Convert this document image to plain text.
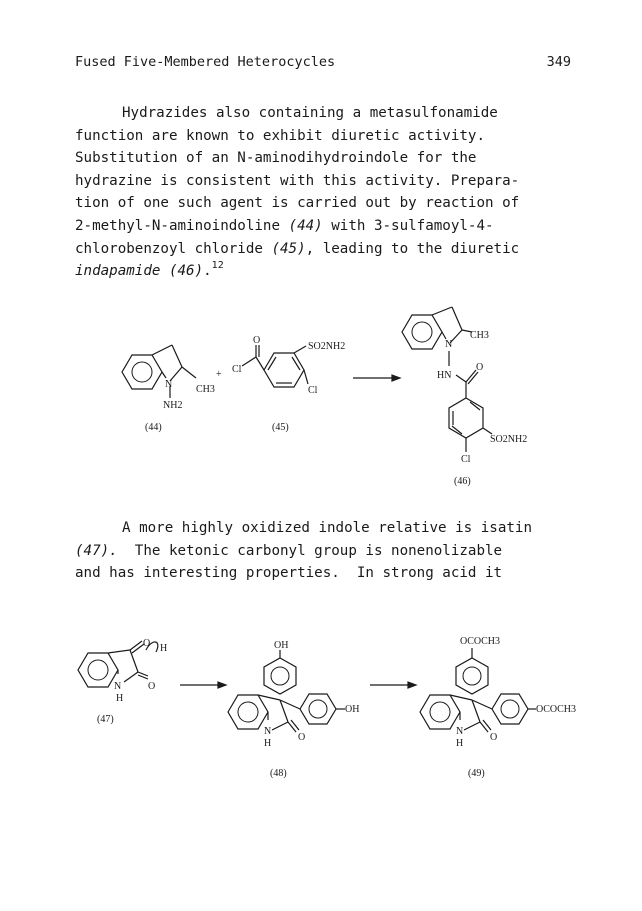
Fused Five-Membered Heterocycles	349
Hydrazides also containing a metasulfonamide
function are known to exhibit diuretic activity.
Substitution of an N-aminodihydroindole for the
hydrazine is consistent with this activity. Prepara-
tion of one such agent is carried out by reaction of
2-methyl-N-aminoindoline (44) with 3-sulfamoyl-4-
chlorobenzoyl chloride (45), leading to the diuretic
indapamide (46).$^{12}$
N CH3
NH2
(44)
+
O
Cl
SO2NH2
Cl
(45)
N
CH3
HN
O
SO2NH2
Cl
(46)
A more highly oxidized indole relative is isatin
(47).  The ketonic carbonyl group is nonenolizable
and has interesting properties.  In strong acid it
O H
O
N
H
(47)
OH
OH
O
N
H
(48)
OCOCH3
OCOCH3
O
N
H
(49)
